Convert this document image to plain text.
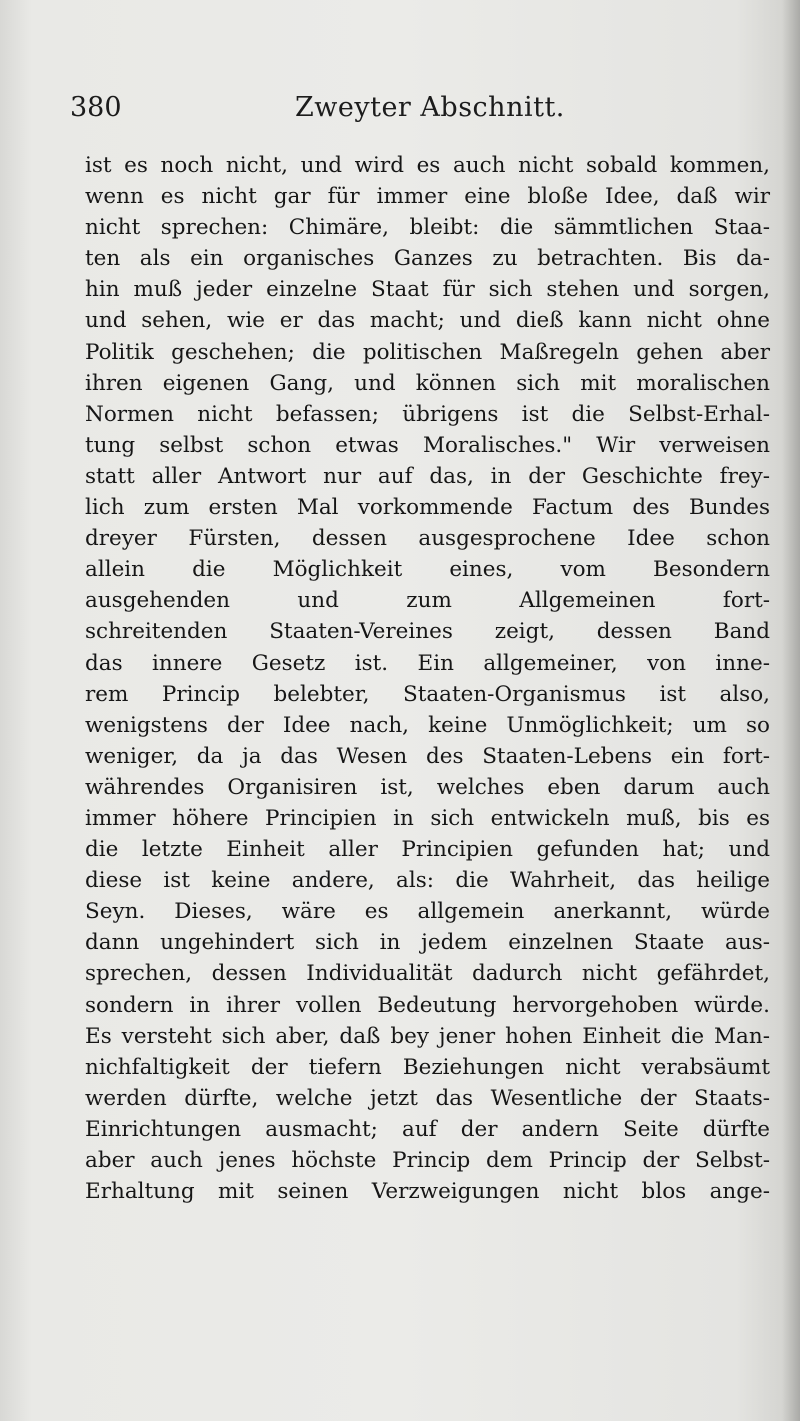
380	Zweyter Abschnitt.
ist es noch nicht, und wird es auch nicht sobald kommen,
wenn es nicht gar für immer eine bloße Idee, daß wir
nicht sprechen: Chimäre, bleibt: die sämmtlichen Staa-
ten als ein organisches Ganzes zu betrachten. Bis da-
hin muß jeder einzelne Staat für sich stehen und sorgen,
und sehen, wie er das macht; und dieß kann nicht ohne
Politik geschehen; die politischen Maßregeln gehen aber
ihren eigenen Gang, und können sich mit moralischen
Normen nicht befassen; übrigens ist die Selbst-Erhal-
tung selbst schon etwas Moralisches." Wir verweisen
statt aller Antwort nur auf das, in der Geschichte frey-
lich zum ersten Mal vorkommende Factum des Bundes
dreyer Fürsten, dessen ausgesprochene Idee schon
allein die Möglichkeit eines, vom Besondern
ausgehenden und zum Allgemeinen fort-
schreitenden Staaten-Vereines zeigt, dessen Band
das innere Gesetz ist. Ein allgemeiner, von inne-
rem Princip belebter, Staaten-Organismus ist also,
wenigstens der Idee nach, keine Unmöglichkeit; um so
weniger, da ja das Wesen des Staaten-Lebens ein fort-
währendes Organisiren ist, welches eben darum auch
immer höhere Principien in sich entwickeln muß, bis es
die letzte Einheit aller Principien gefunden hat; und
diese ist keine andere, als: die Wahrheit, das heilige
Seyn. Dieses, wäre es allgemein anerkannt, würde
dann ungehindert sich in jedem einzelnen Staate aus-
sprechen, dessen Individualität dadurch nicht gefährdet,
sondern in ihrer vollen Bedeutung hervorgehoben würde.
Es versteht sich aber, daß bey jener hohen Einheit die Man-
nichfaltigkeit der tiefern Beziehungen nicht verabsäumt
werden dürfte, welche jetzt das Wesentliche der Staats-
Einrichtungen ausmacht; auf der andern Seite dürfte
aber auch jenes höchste Princip dem Princip der Selbst-
Erhaltung mit seinen Verzweigungen nicht blos ange-
